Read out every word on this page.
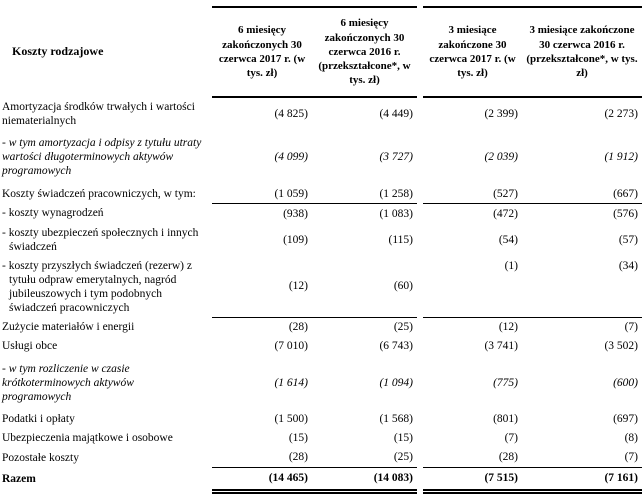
Koszty rodzajowe	6 miesięcy zakończonych 30 czerwca 2017 r. (w tys. zł)	6 miesięcy zakończonych 30 czerwca 2016 r. (przekształcone*, w tys. zł)		3 miesiące zakończone 30 czerwca 2017 r. (w tys. zł)	3 miesiące zakończone 30 czerwca 2016 r. (przekształcone*, w tys. zł)
Amortyzacja środków trwałych i wartości niematerialnych	(4 825)	(4 449)		(2 399)	(2 273)
- w tym amortyzacja i odpisy z tytułu utraty wartości długoterminowych aktywów programowych	(4 099)	(3 727)		(2 039)	(1 912)
Koszty świadczeń pracowniczych, w tym:	(1 059)	(1 258)		(527)	(667)
- koszty wynagrodzeń	(938)	(1 083)		(472)	(576)
- koszty ubezpieczeń społecznych i innych świadczeń	(109)	(115)		(54)	(57)
- koszty przyszłych świadczeń (rezerw) z tytułu odpraw emerytalnych, nagród jubileuszowych i tym podobnych świadczeń pracowniczych	(12)	(60)		(1)	(34)
Zużycie materiałów i energii	(28)	(25)		(12)	(7)
Usługi obce	(7 010)	(6 743)		(3 741)	(3 502)
- w tym rozliczenie w czasie krótkoterminowych aktywów programowych	(1 614)	(1 094)		(775)	(600)
Podatki i opłaty	(1 500)	(1 568)		(801)	(697)
Ubezpieczenia majątkowe i osobowe	(15)	(15)		(7)	(8)
Pozostałe koszty	(28)	(25)		(28)	(7)
Razem	(14 465)	(14 083)		(7 515)	(7 161)
